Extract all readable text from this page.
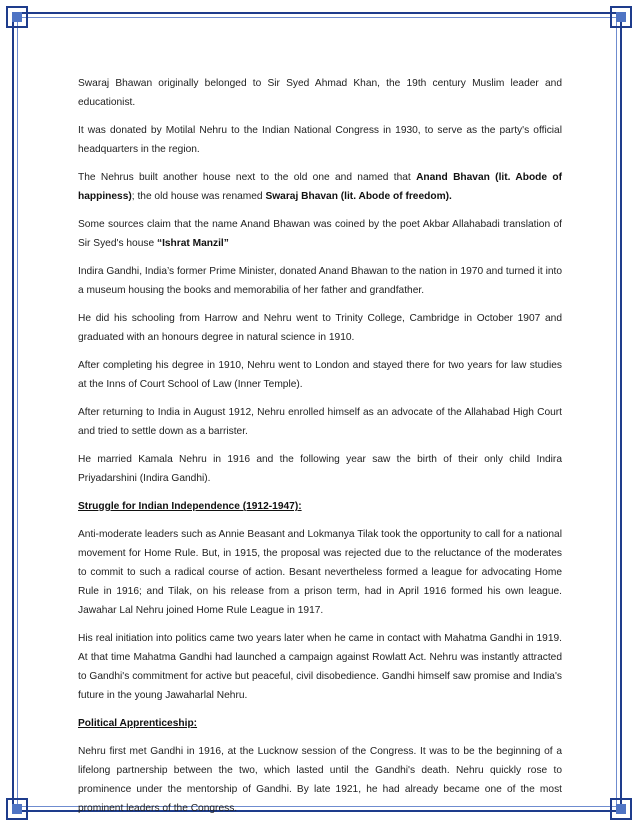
Swaraj Bhawan originally belonged to Sir Syed Ahmad Khan, the 19th century Muslim leader and educationist.

It was donated by Motilal Nehru to the Indian National Congress in 1930, to serve as the party's official headquarters in the region.

The Nehrus built another house next to the old one and named that Anand Bhavan (lit. Abode of happiness); the old house was renamed Swaraj Bhavan (lit. Abode of freedom).

Some sources claim that the name Anand Bhawan was coined by the poet Akbar Allahabadi translation of Sir Syed's house “Ishrat Manzil”

Indira Gandhi, India’s former Prime Minister, donated Anand Bhawan to the nation in 1970 and turned it into a museum housing the books and memorabilia of her father and grandfather.

He did his schooling from Harrow and Nehru went to Trinity College, Cambridge in October 1907 and graduated with an honours degree in natural science in 1910.

After completing his degree in 1910, Nehru went to London and stayed there for two years for law studies at the Inns of Court School of Law (Inner Temple).

After returning to India in August 1912, Nehru enrolled himself as an advocate of the Allahabad High Court and tried to settle down as a barrister.

He married Kamala Nehru in 1916 and the following year saw the birth of their only child Indira Priyadarshini (Indira Gandhi).

Struggle for Indian Independence (1912-1947):

Anti-moderate leaders such as Annie Beasant and Lokmanya Tilak took the opportunity to call for a national movement for Home Rule. But, in 1915, the proposal was rejected due to the reluctance of the moderates to commit to such a radical course of action. Besant nevertheless formed a league for advocating Home Rule in 1916; and Tilak, on his release from a prison term, had in April 1916 formed his own league. Jawahar Lal Nehru joined Home Rule League in 1917.

His real initiation into politics came two years later when he came in contact with Mahatma Gandhi in 1919. At that time Mahatma Gandhi had launched a campaign against Rowlatt Act. Nehru was instantly attracted to Gandhi's commitment for active but peaceful, civil disobedience. Gandhi himself saw promise and India's future in the young Jawaharlal Nehru.

Political Apprenticeship:

Nehru first met Gandhi in 1916, at the Lucknow session of the Congress. It was to be the beginning of a lifelong partnership between the two, which lasted until the Gandhi's death. Nehru quickly rose to prominence under the mentorship of Gandhi. By late 1921, he had already became one of the most prominent leaders of the Congress.
